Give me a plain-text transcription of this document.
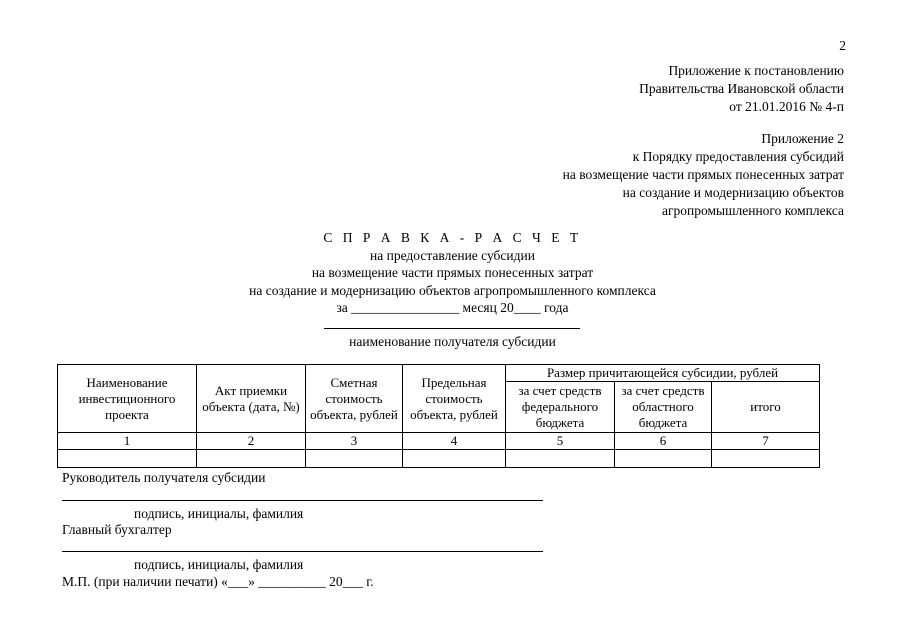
2
Приложение к постановлению
Правительства Ивановской области
от 21.01.2016 № 4-п
Приложение 2
к Порядку предоставления субсидий
на возмещение части прямых понесенных затрат
на создание и модернизацию объектов
агропромышленного комплекса
С П Р А В К А - Р А С Ч Е Т
на предоставление субсидии
на возмещение части прямых понесенных затрат
на создание и модернизацию объектов агропромышленного комплекса
за ________________ месяц 20____ года
наименование получателя субсидии
Наименование инвестиционного проекта	Акт приемки объекта (дата, №)	Сметная стоимость объекта, рублей	Предельная стоимость объекта, рублей	Размер причитающейся субсидии, рублей		
				за счет средств федерального бюджета	за счет средств областного бюджета	итого
1	2	3	4	5	6	7

Руководитель получателя субсидии
подпись, инициалы, фамилия
Главный бухгалтер
подпись, инициалы, фамилия
М.П. (при наличии печати) «___» __________ 20___ г.
